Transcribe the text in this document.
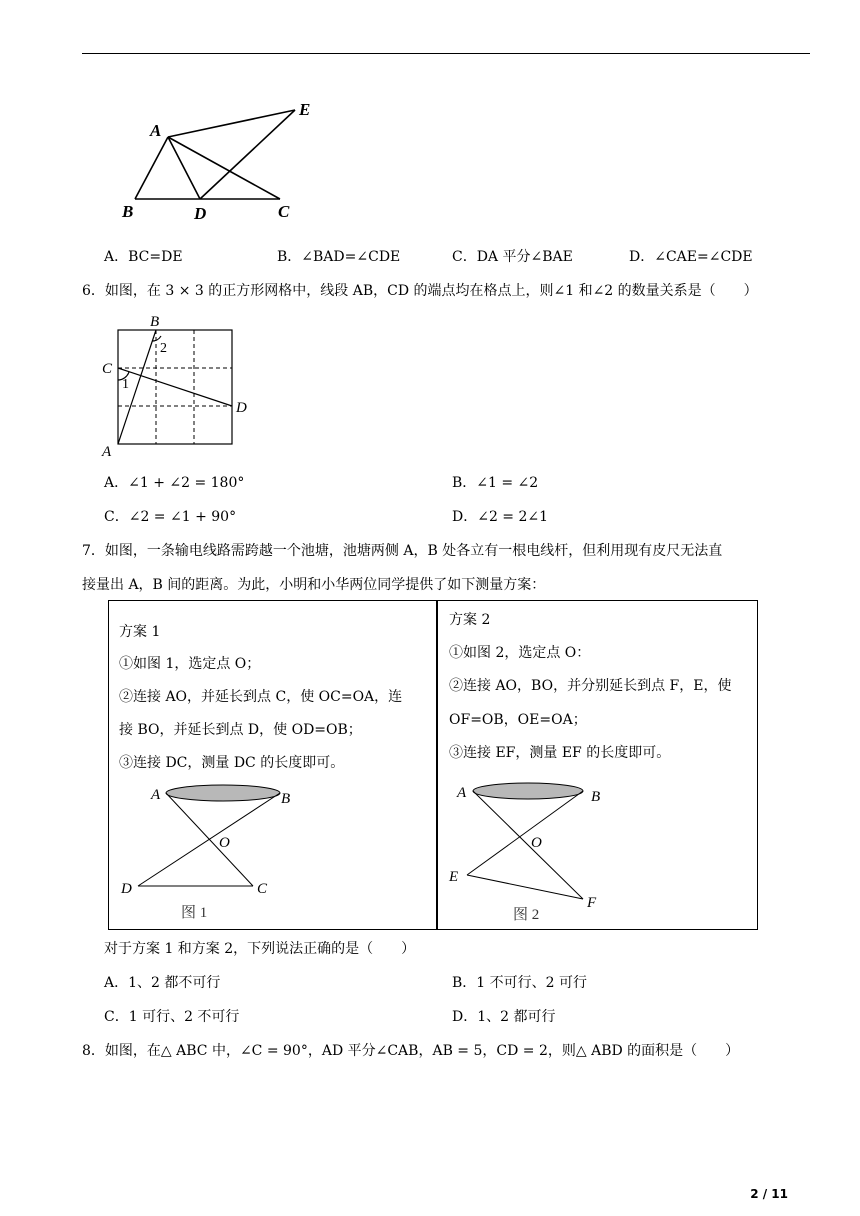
A
E
B	D	C
A．BC=DE	B．∠BAD=∠CDE	C．DA 平分∠BAE	D．∠CAE=∠CDE
6．如图，在 3 × 3 的正方形网格中，线段 AB，CD 的端点均在格点上，则∠1 和∠2 的数量关系是（　　）
B
2
C
1
D
A
A．∠1 + ∠2 = 180°	B．∠1 = ∠2
C．∠2 = ∠1 + 90°	D．∠2 = 2∠1
7．如图，一条输电线路需跨越一个池塘，池塘两侧 A，B 处各立有一根电线杆，但利用现有皮尺无法直
接量出 A，B 间的距离。为此，小明和小华两位同学提供了如下测量方案：
方案 1
①如图 1，选定点 O；
②连接 AO，并延长到点 C，使 OC=OA，连
接 BO，并延长到点 D，使 OD=OB；
③连接 DC，测量 DC 的长度即可。
A	B
O
D	C
图 1
方案 2
①如图 2，选定点 O：
②连接 AO，BO，并分别延长到点 F，E，使
OF=OB，OE=OA；
③连接 EF，测量 EF 的长度即可。
A	B
O
E
F
图 2
对于方案 1 和方案 2，下列说法正确的是（　　）
A．1、2 都不可行	B．1 不可行、2 可行
C．1 可行、2 不可行	D．1、2 都可行
8．如图，在△ ABC 中，∠C = 90°，AD 平分∠CAB，AB = 5，CD = 2，则△ ABD 的面积是（　　）
2 / 11
